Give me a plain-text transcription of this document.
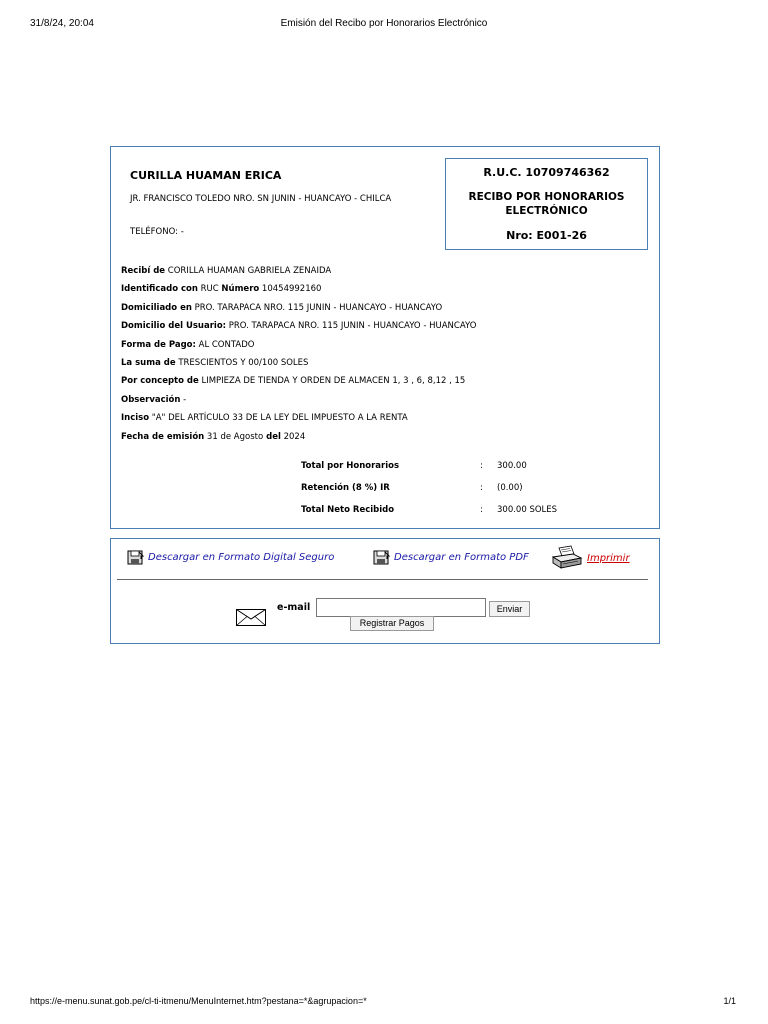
31/8/24, 20:04	Emisión del Recibo por Honorarios Electrónico
CURILLA HUAMAN ERICA
JR. FRANCISCO TOLEDO NRO. SN JUNIN - HUANCAYO - CHILCA
TELÉFONO: -
R.U.C. 10709746362
RECIBO POR HONORARIOS ELECTRÓNICO
Nro: E001-26
Recibí de CORILLA HUAMAN GABRIELA ZENAIDA
Identificado con RUC Número 10454992160
Domiciliado en PRO. TARAPACA NRO. 115 JUNIN - HUANCAYO - HUANCAYO
Domicilio del Usuario: PRO. TARAPACA NRO. 115 JUNIN - HUANCAYO - HUANCAYO
Forma de Pago: AL CONTADO
La suma de TRESCIENTOS Y 00/100 SOLES
Por concepto de LIMPIEZA DE TIENDA Y ORDEN DE ALMACEN 1, 3 , 6, 8,12 , 15
Observación -
Inciso "A" DEL ARTÍCULO 33 DE LA LEY DEL IMPUESTO A LA RENTA
Fecha de emisión 31 de Agosto del 2024
Total por Honorarios	: 300.00
Retención (8 %) IR	: (0.00)
Total Neto Recibido	: 300.00 SOLES
Descargar en Formato Digital Seguro	Descargar en Formato PDF	Imprimir
e-mail	Enviar
Registrar Pagos
https://e-menu.sunat.gob.pe/cl-ti-itmenu/MenuInternet.htm?pestana=*&agrupacion=*	1/1
